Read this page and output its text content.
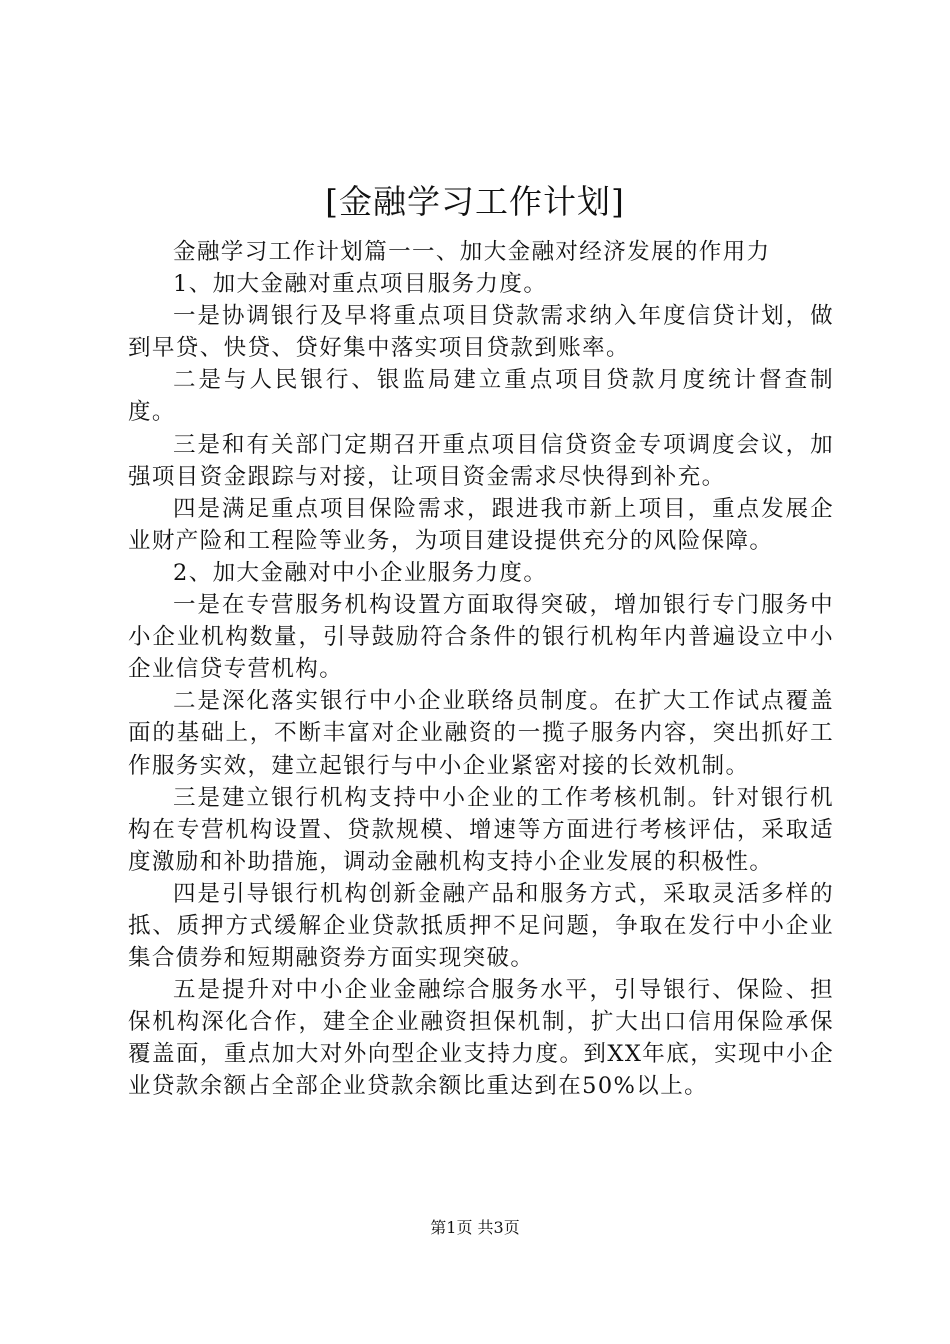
[金融学习工作计划]

金融学习工作计划篇一一、加大金融对经济发展的作用力

1、加大金融对重点项目服务力度。

一是协调银行及早将重点项目贷款需求纳入年度信贷计划，做到早贷、快贷、贷好集中落实项目贷款到账率。

二是与人民银行、银监局建立重点项目贷款月度统计督查制度。

三是和有关部门定期召开重点项目信贷资金专项调度会议，加强项目资金跟踪与对接，让项目资金需求尽快得到补充。

四是满足重点项目保险需求，跟进我市新上项目，重点发展企业财产险和工程险等业务，为项目建设提供充分的风险保障。

2、加大金融对中小企业服务力度。

一是在专营服务机构设置方面取得突破，增加银行专门服务中小企业机构数量，引导鼓励符合条件的银行机构年内普遍设立中小企业信贷专营机构。

二是深化落实银行中小企业联络员制度。在扩大工作试点覆盖面的基础上，不断丰富对企业融资的一揽子服务内容，突出抓好工作服务实效，建立起银行与中小企业紧密对接的长效机制。

三是建立银行机构支持中小企业的工作考核机制。针对银行机构在专营机构设置、贷款规模、增速等方面进行考核评估，采取适度激励和补助措施，调动金融机构支持小企业发展的积极性。

四是引导银行机构创新金融产品和服务方式，采取灵活多样的抵、质押方式缓解企业贷款抵质押不足问题，争取在发行中小企业集合债券和短期融资券方面实现突破。

五是提升对中小企业金融综合服务水平，引导银行、保险、担保机构深化合作，建全企业融资担保机制，扩大出口信用保险承保覆盖面，重点加大对外向型企业支持力度。到XX年底，实现中小企业贷款余额占全部企业贷款余额比重达到在50%以上。

第1页 共3页
